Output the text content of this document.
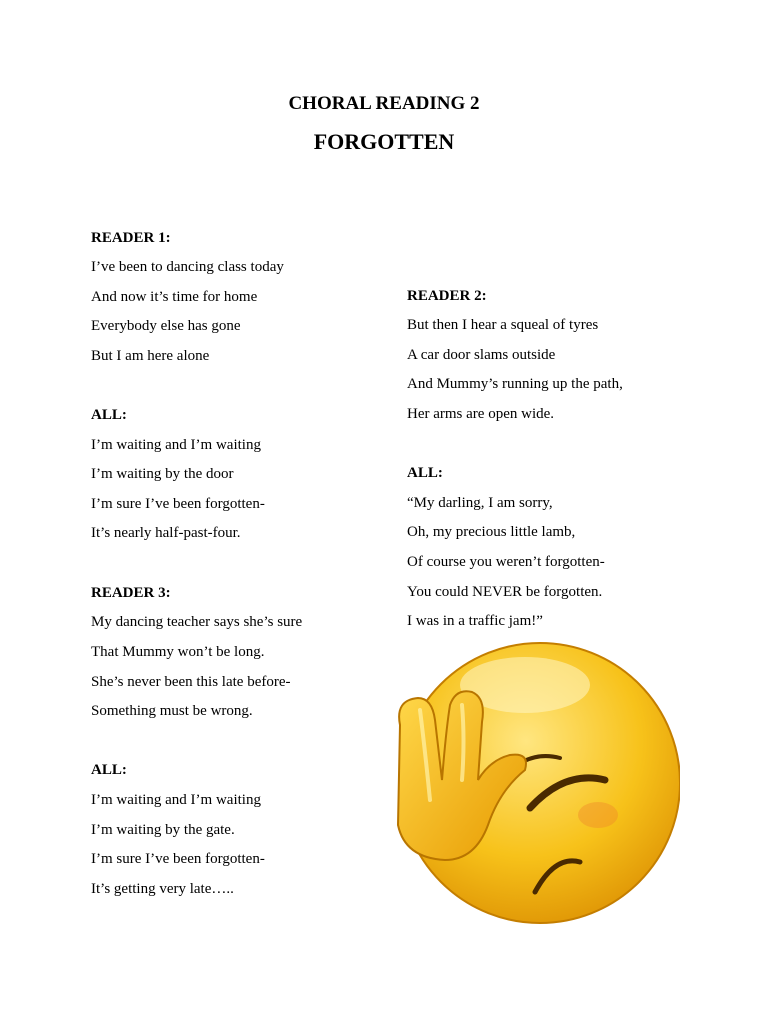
CHORAL READING 2
FORGOTTEN
READER 1:
I’ve been to dancing class today
And now it’s time for home
Everybody else has gone
But I am here alone
ALL:
I’m waiting and I’m waiting
I’m waiting by the door
I’m sure I’ve been forgotten-
It’s nearly half-past-four.
READER 3:
My dancing teacher says she’s sure
That Mummy won’t be long.
She’s never been this late before-
Something must be wrong.
ALL:
I’m waiting and I’m waiting
I’m waiting by the gate.
I’m sure I’ve been forgotten-
It’s getting very late…..
READER 2:
But then I hear a squeal of tyres
A car door slams outside
And Mummy’s running up the path,
Her arms are open wide.
ALL:
“My darling, I am sorry,
Oh, my precious little lamb,
Of course you weren’t forgotten-
You could NEVER be forgotten.
I was in a traffic jam!”
